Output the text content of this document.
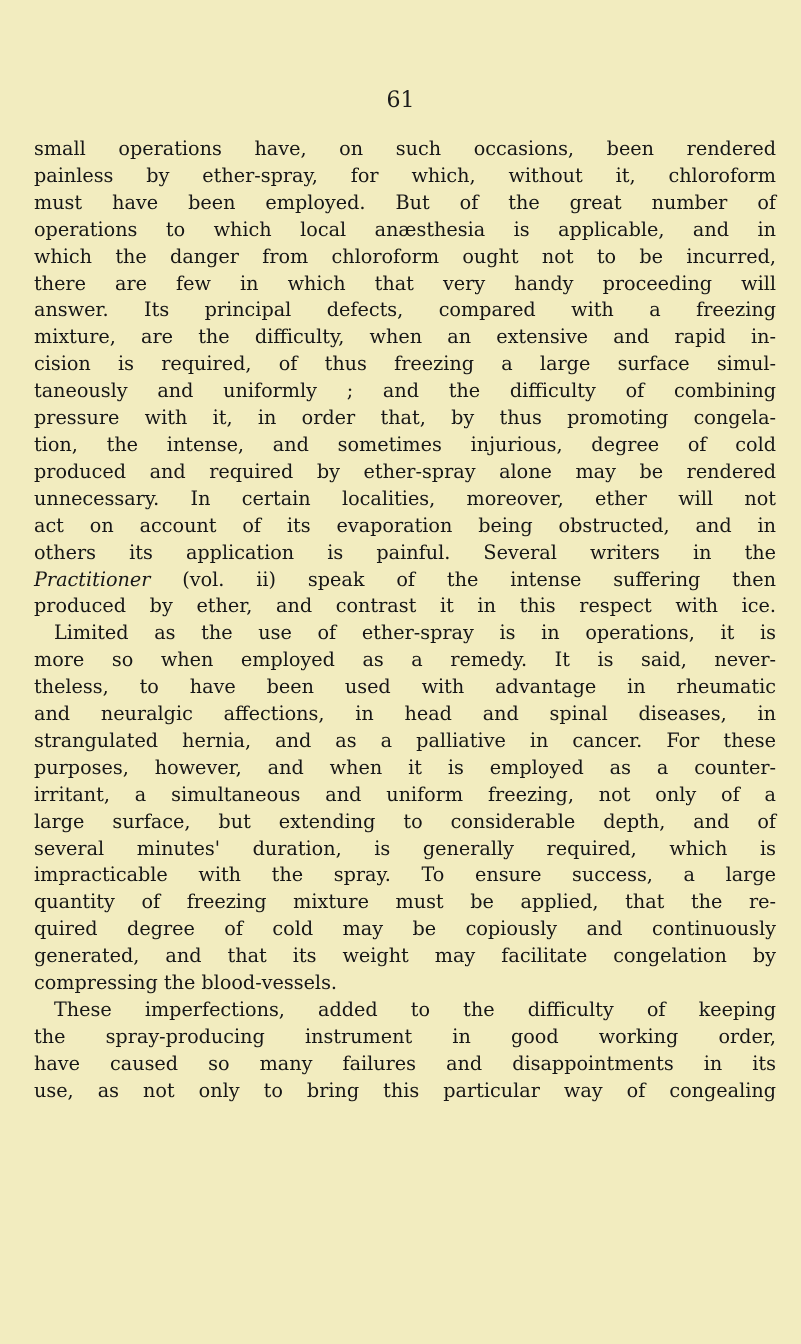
61

small operations have, on such occasions, been rendered
painless by ether-spray, for which, without it, chloroform
must have been employed. But of the great number of
operations to which local anæsthesia is applicable, and in
which the danger from chloroform ought not to be incurred,
there are few in which that very handy proceeding will
answer. Its principal defects, compared with a freezing
mixture, are the difficulty, when an extensive and rapid in-
cision is required, of thus freezing a large surface simul-
taneously and uniformly ; and the difficulty of combining
pressure with it, in order that, by thus promoting congela-
tion, the intense, and sometimes injurious, degree of cold
produced and required by ether-spray alone may be rendered
unnecessary. In certain localities, moreover, ether will not
act on account of its evaporation being obstructed, and in
others its application is painful. Several writers in the
Practitioner (vol. ii) speak of the intense suffering then
produced by ether, and contrast it in this respect with ice.
Limited as the use of ether-spray is in operations, it is
more so when employed as a remedy. It is said, never-
theless, to have been used with advantage in rheumatic
and neuralgic affections, in head and spinal diseases, in
strangulated hernia, and as a palliative in cancer. For these
purposes, however, and when it is employed as a counter-
irritant, a simultaneous and uniform freezing, not only of a
large surface, but extending to considerable depth, and of
several minutes' duration, is generally required, which is
impracticable with the spray. To ensure success, a large
quantity of freezing mixture must be applied, that the re-
quired degree of cold may be copiously and continuously
generated, and that its weight may facilitate congelation by
compressing the blood-vessels.
These imperfections, added to the difficulty of keeping
the spray-producing instrument in good working order,
have caused so many failures and disappointments in its
use, as not only to bring this particular way of congealing
